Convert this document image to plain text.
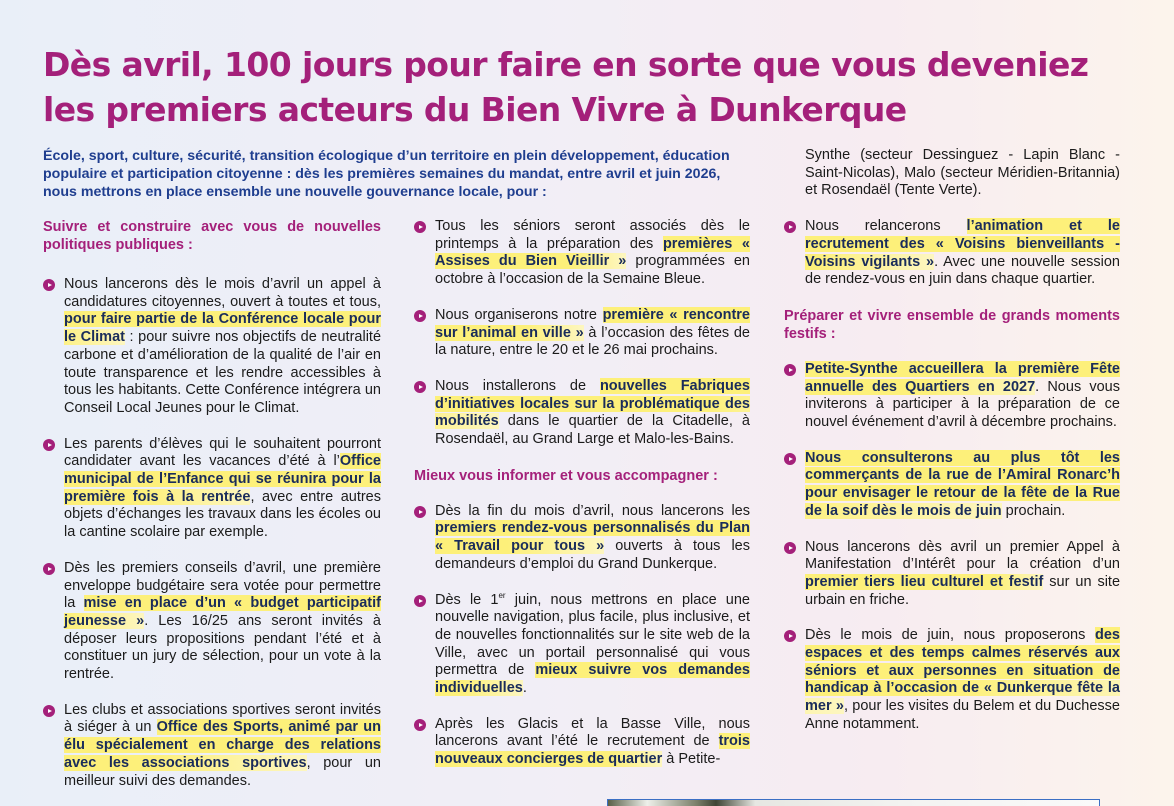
Dès avril, 100 jours pour faire en sorte que vous deveniez
les premiers acteurs du Bien Vivre à Dunkerque

École, sport, culture, sécurité, transition écologique d’un territoire en plein développement, éducation populaire et participation citoyenne : dès les premières semaines du mandat, entre avril et juin 2026, nous mettrons en place ensemble une nouvelle gouvernance locale, pour :

Suivre et construire avec vous de nouvelles politiques publiques :
Nous lancerons dès le mois d’avril un appel à candidatures citoyennes, ouvert à toutes et tous, pour faire partie de la Conférence locale pour le Climat : pour suivre nos objectifs de neutralité carbone et d’amélioration de la qualité de l’air en toute transparence et les rendre accessibles à tous les habitants. Cette Conférence intégrera un Conseil Local Jeunes pour le Climat.
Les parents d’élèves qui le souhaitent pourront candidater avant les vacances d’été à l’Office municipal de l’Enfance qui se réunira pour la première fois à la rentrée, avec entre autres objets d’échanges les travaux dans les écoles ou la cantine scolaire par exemple.
Dès les premiers conseils d’avril, une première enveloppe budgétaire sera votée pour permettre la mise en place d’un « budget participatif jeunesse ». Les 16/25 ans seront invités à déposer leurs propositions pendant l’été et à constituer un jury de sélection, pour un vote à la rentrée.
Les clubs et associations sportives seront invités à siéger à un Office des Sports, animé par un élu spécialement en charge des relations avec les associations sportives, pour un meilleur suivi des demandes.
Tous les séniors seront associés dès le printemps à la préparation des premières « Assises du Bien Vieillir » programmées en octobre à l’occasion de la Semaine Bleue.
Nous organiserons notre première « rencontre sur l’animal en ville » à l’occasion des fêtes de la nature, entre le 20 et le 26 mai prochains.
Nous installerons de nouvelles Fabriques d’initiatives locales sur la problématique des mobilités dans le quartier de la Citadelle, à Rosendaël, au Grand Large et Malo-les-Bains.
Mieux vous informer et vous accompagner :
Dès la fin du mois d’avril, nous lancerons les premiers rendez-vous personnalisés du Plan « Travail pour tous » ouverts à tous les demandeurs d’emploi du Grand Dunkerque.
Dès le 1er juin, nous mettrons en place une nouvelle navigation, plus facile, plus inclusive, et de nouvelles fonctionnalités sur le site web de la Ville, avec un portail personnalisé qui vous permettra de mieux suivre vos demandes individuelles.
Après les Glacis et la Basse Ville, nous lancerons avant l’été le recrutement de trois nouveaux concierges de quartier à Petite-
Synthe (secteur Dessinguez - Lapin Blanc - Saint-Nicolas), Malo (secteur Méridien-Britannia) et Rosendaël (Tente Verte).
Nous relancerons l’animation et le recrutement des « Voisins bienveillants - Voisins vigilants ». Avec une nouvelle session de rendez-vous en juin dans chaque quartier.
Préparer et vivre ensemble de grands moments festifs :
Petite-Synthe accueillera la première Fête annuelle des Quartiers en 2027. Nous vous inviterons à participer à la préparation de ce nouvel événement d’avril à décembre prochains.
Nous consulterons au plus tôt les commerçants de la rue de l’Amiral Ronarc’h pour envisager le retour de la fête de la Rue de la soif dès le mois de juin prochain.
Nous lancerons dès avril un premier Appel à Manifestation d’Intérêt pour la création d’un premier tiers lieu culturel et festif sur un site urbain en friche.
Dès le mois de juin, nous proposerons des espaces et des temps calmes réservés aux séniors et aux personnes en situation de handicap à l’occasion de « Dunkerque fête la mer », pour les visites du Belem et du Duchesse Anne notamment.
